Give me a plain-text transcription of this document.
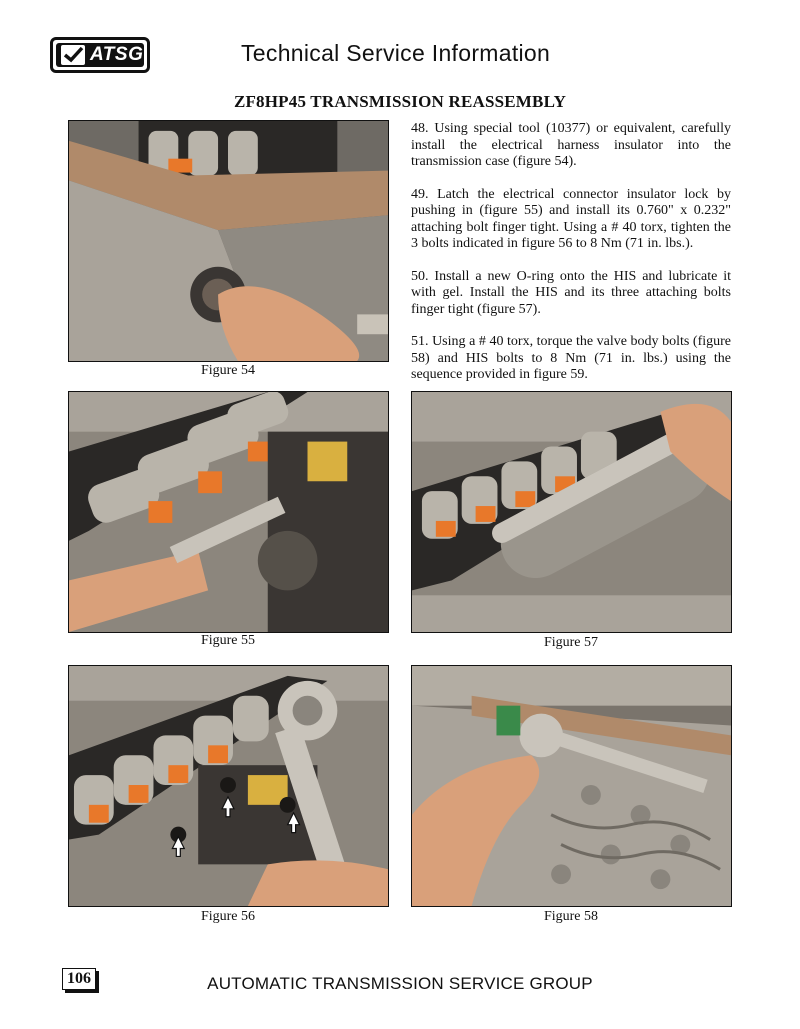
ATSG	Technical Service Information
ZF8HP45 TRANSMISSION REASSEMBLY
Figure 54

48. Using special tool (10377) or equivalent, carefully install the electrical harness insulator into the transmission case (figure 54).

49. Latch the electrical connector insulator lock by pushing in (figure 55) and install its 0.760" x 0.232" attaching bolt finger tight. Using a # 40 torx, tighten the 3 bolts indicated in figure 56 to 8 Nm (71 in. lbs.).

50. Install a new O-ring onto the HIS and lubricate it with gel. Install the HIS and its three attaching bolts finger tight (figure 57).

51. Using a # 40 torx, torque the valve body bolts (figure 58) and HIS bolts to 8 Nm (71 in. lbs.) using the sequence provided in figure 59.

Figure 55	Figure 57
Figure 56	Figure 58
106	AUTOMATIC TRANSMISSION SERVICE GROUP
